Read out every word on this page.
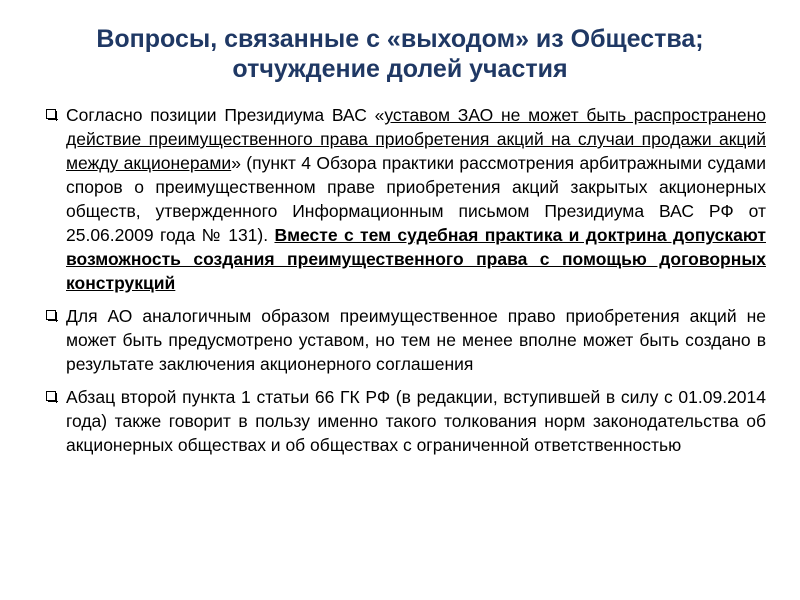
Вопросы, связанные с «выходом» из Общества;
отчуждение долей участия
Согласно позиции Президиума ВАС «уставом ЗАО не может быть распространено действие преимущественного права приобретения акций на случаи продажи акций между акционерами» (пункт 4 Обзора практики рассмотрения арбитражными судами споров о преимущественном праве приобретения акций закрытых акционерных обществ, утвержденного Информационным письмом Президиума ВАС РФ от 25.06.2009 года № 131). Вместе с тем судебная практика и доктрина допускают возможность создания преимущественного права с помощью договорных конструкций
Для АО аналогичным образом преимущественное право приобретения акций не может быть предусмотрено уставом, но тем не менее вполне может быть создано в результате заключения акционерного соглашения
Абзац второй пункта 1 статьи 66 ГК РФ (в редакции, вступившей в силу с 01.09.2014 года) также говорит в пользу именно такого толкования норм законодательства об акционерных обществах и об обществах с ограниченной ответственностью
